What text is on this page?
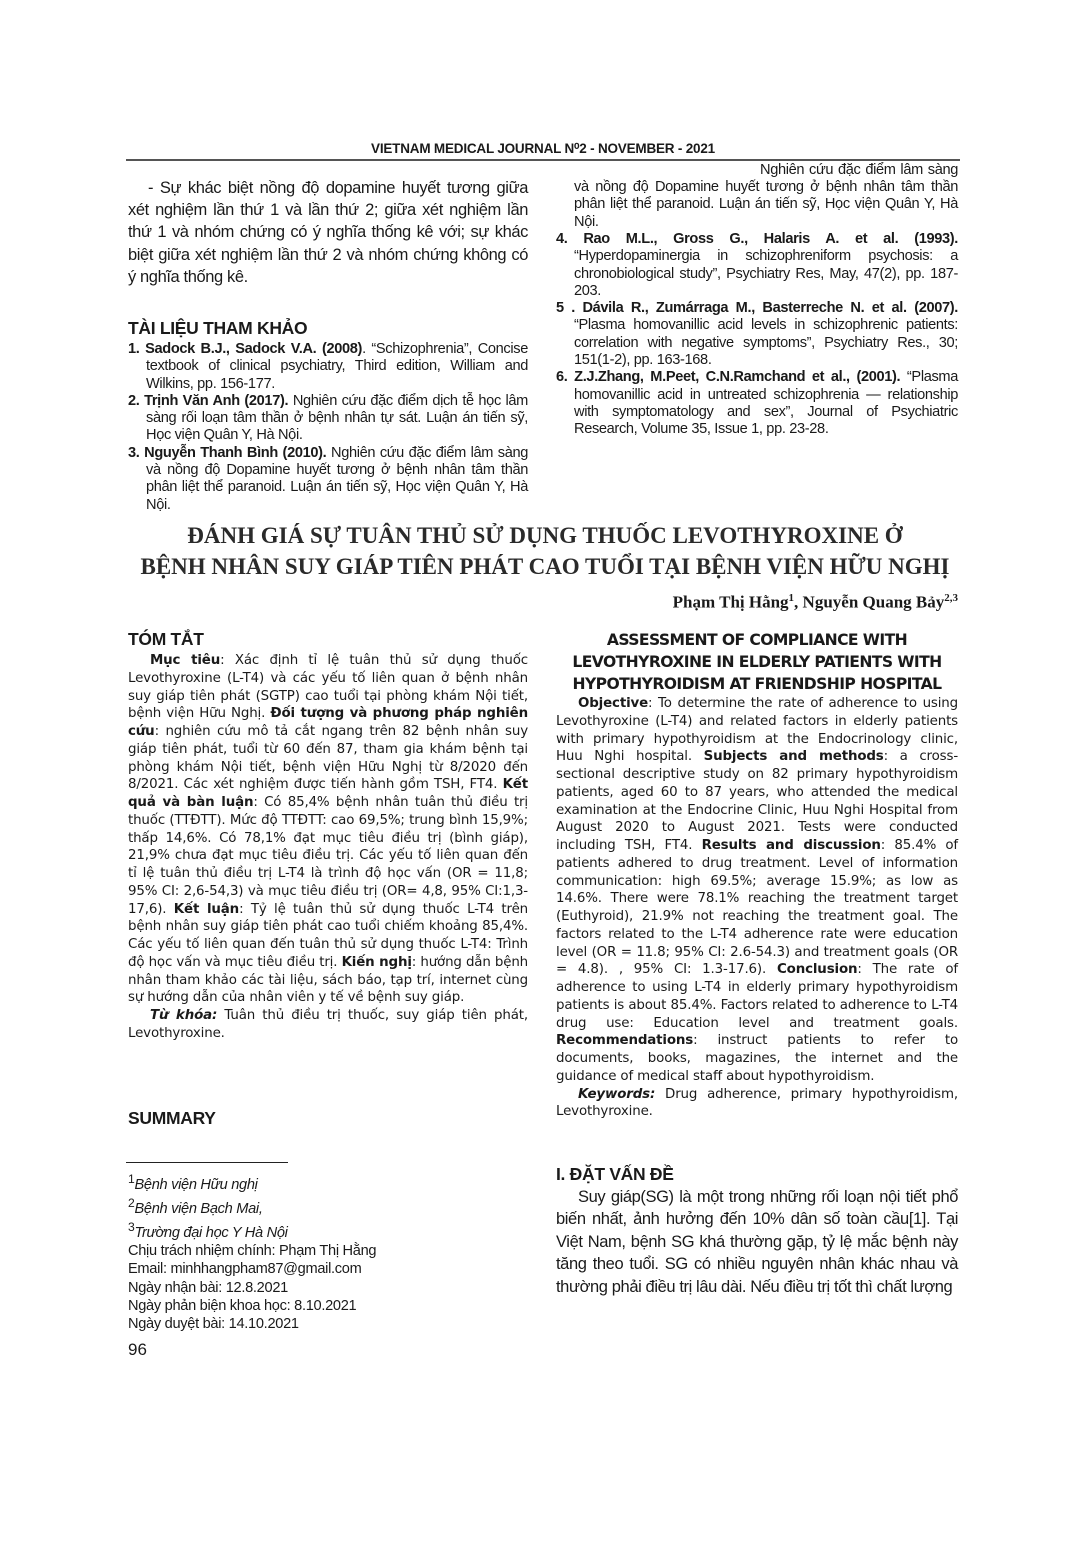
VIETNAM MEDICAL JOURNAL N⁰2 - NOVEMBER - 2021
- Sự khác biệt nồng độ dopamine huyết tương giữa xét nghiệm lần thứ 1 và lần thứ 2; giữa xét nghiệm lần thứ 1 và nhóm chứng có ý nghĩa thống kê với; sự khác biệt giữa xét nghiệm lần thứ 2 và nhóm chứng không có ý nghĩa thống kê.
TÀI LIỆU THAM KHẢO

1. Sadock B.J., Sadock V.A. (2008). “Schizophrenia”, Concise textbook of clinical psychiatry, Third edition, William and Wilkins, pp. 156-177.

2. Trịnh Văn Anh (2017). Nghiên cứu đặc điểm dịch tễ học lâm sàng rối loạn tâm thần ở bệnh nhân tự sát. Luận án tiến sỹ, Học viện Quân Y, Hà Nội.

3. Nguyễn Thanh Bình (2010). Nghiên cứu đặc điểm lâm sàng và nồng độ Dopamine huyết tương ở bệnh nhân tâm thần phân liệt thể paranoid. Luận án tiến sỹ, Học viện Quân Y, Hà Nội.

Nghiên cứu đặc điểm lâm sàng và nồng độ Dopamine huyết tương ở bệnh nhân tâm thần phân liệt thể paranoid. Luận án tiến sỹ, Học viện Quân Y, Hà Nội.

4. Rao M.L., Gross G., Halaris A. et al. (1993). “Hyperdopaminergia in schizophreniform psychosis: a chronobiological study”, Psychiatry Res, May, 47(2), pp. 187-203.

5 . Dávila R., Zumárraga M., Basterreche N. et al. (2007). “Plasma homovanillic acid levels in schizophrenic patients: correlation with negative symptoms”, Psychiatry Res., 30; 151(1-2), pp. 163-168.

6. Z.J.Zhang, M.Peet, C.N.Ramchand et al., (2001). “Plasma homovanillic acid in untreated schizophrenia — relationship with symptomatology and sex”, Journal of Psychiatric Research, Volume 35, Issue 1, pp. 23-28.

ĐÁNH GIÁ SỰ TUÂN THỦ SỬ DỤNG THUỐC LEVOTHYROXINE Ở
BỆNH NHÂN SUY GIÁP TIÊN PHÁT CAO TUỔI TẠI BỆNH VIỆN HỮU NGHỊ
Phạm Thị Hằng$^1$, Nguyễn Quang Bảy$^{2,3}$
TÓM TẮT

Mục tiêu: Xác định tỉ lệ tuân thủ sử dụng thuốc Levothyroxine (L-T4) và các yếu tố liên quan ở bệnh nhân suy giáp tiên phát (SGTP) cao tuổi tại phòng khám Nội tiết, bệnh viện Hữu Nghị. Đối tượng và phương pháp nghiên cứu: nghiên cứu mô tả cắt ngang trên 82 bệnh nhân suy giáp tiên phát, tuổi từ 60 đến 87, tham gia khám bệnh tại phòng khám Nội tiết, bệnh viện Hữu Nghị từ 8/2020 đến 8/2021. Các xét nghiệm được tiến hành gồm TSH, FT4. Kết quả và bàn luận: Có 85,4% bệnh nhân tuân thủ điều trị thuốc (TTĐTT). Mức độ TTĐTT: cao 69,5%; trung bình 15,9%; thấp 14,6%. Có 78,1% đạt mục tiêu điều trị (bình giáp), 21,9% chưa đạt mục tiêu điều trị. Các yếu tố liên quan đến tỉ lệ tuân thủ điều trị L-T4 là trình độ học vấn (OR = 11,8; 95% CI: 2,6-54,3) và mục tiêu điều trị (OR= 4,8, 95% CI:1,3-17,6). Kết luận: Tỷ lệ tuân thủ sử dụng thuốc L-T4 trên bệnh nhân suy giáp tiên phát cao tuổi chiếm khoảng 85,4%. Các yếu tố liên quan đến tuân thủ sử dụng thuốc L-T4: Trình độ học vấn và mục tiêu điều trị. Kiến nghị: hướng dẫn bệnh nhân tham khảo các tài liệu, sách báo, tạp trí, internet cùng sự hướng dẫn của nhân viên y tế về bệnh suy giáp.

Từ khóa: Tuân thủ điều trị thuốc, suy giáp tiên phát, Levothyroxine.

SUMMARY
ASSESSMENT OF COMPLIANCE WITH LEVOTHYROXINE IN ELDERLY PATIENTS WITH HYPOTHYROIDISM AT FRIENDSHIP HOSPITAL

Objective: To determine the rate of adherence to using Levothyroxine (L-T4) and related factors in elderly patients with primary hypothyroidism at the Endocrinology clinic, Huu Nghi hospital. Subjects and methods: a cross-sectional descriptive study on 82 primary hypothyroidism patients, aged 60 to 87 years, who attended the medical examination at the Endocrine Clinic, Huu Nghi Hospital from August 2020 to August 2021. Tests were conducted including TSH, FT4. Results and discussion: 85.4% of patients adhered to drug treatment. Level of information communication: high 69.5%; average 15.9%; as low as 14.6%. There were 78.1% reaching the treatment target (Euthyroid), 21.9% not reaching the treatment goal. The factors related to the L-T4 adherence rate were education level (OR = 11.8; 95% CI: 2.6-54.3) and treatment goals (OR = 4.8). , 95% CI: 1.3-17.6). Conclusion: The rate of adherence to using L-T4 in elderly primary hypothyroidism patients is about 85.4%. Factors related to adherence to L-T4 drug use: Education level and treatment goals. Recommendations: instruct patients to refer to documents, books, magazines, the internet and the guidance of medical staff about hypothyroidism.

Keywords: Drug adherence, primary hypothyroidism, Levothyroxine.

I. ĐẶT VẤN ĐỀ
Suy giáp(SG) là một trong những rối loạn nội tiết phổ biến nhất, ảnh hưởng đến 10% dân số toàn cầu[1]. Tại Việt Nam, bệnh SG khá thường gặp, tỷ lệ mắc bệnh này tăng theo tuổi. SG có nhiều nguyên nhân khác nhau và thường phải điều trị lâu dài. Nếu điều trị tốt thì chất lượng
$^1$Bệnh viện Hữu nghị
$^2$Bệnh viện Bạch Mai,
$^3$Trường đại học Y Hà Nội
Chịu trách nhiệm chính: Phạm Thị Hằng
Email: minhhangpham87@gmail.com
Ngày nhận bài: 12.8.2021
Ngày phản biện khoa học: 8.10.2021
Ngày duyệt bài: 14.10.2021
96
